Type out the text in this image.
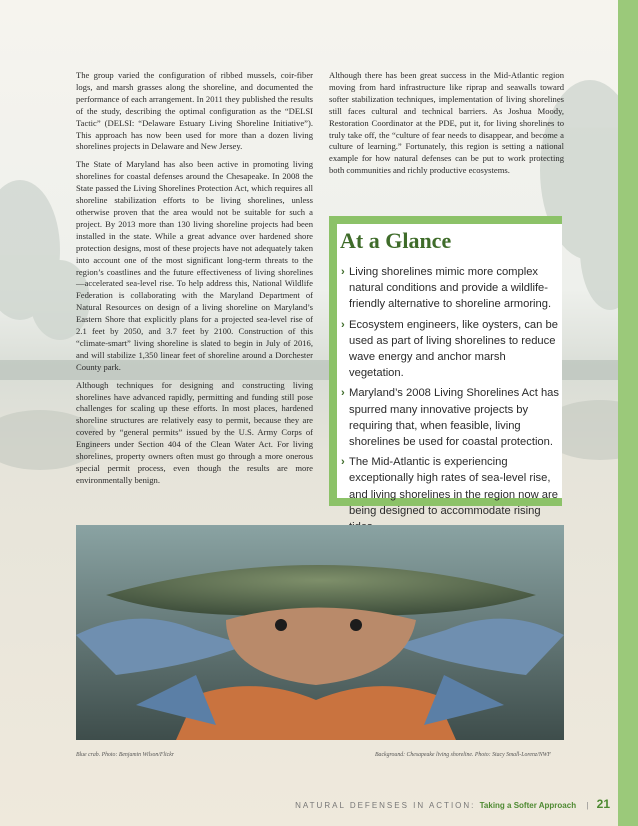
The group varied the configuration of ribbed mussels, coir-fiber logs, and marsh grasses along the shoreline, and documented the performance of each arrangement. In 2011 they published the results of the study, describing the optimal configuration as the “DELSI Tactic” (DELSI: “Delaware Estuary Living Shoreline Initiative”). This approach has now been used for more than a dozen living shorelines projects in Delaware and New Jersey.

The State of Maryland has also been active in promoting living shorelines for coastal defenses around the Chesapeake. In 2008 the State passed the Living Shorelines Protection Act, which requires all shoreline stabilization efforts to be living shorelines, unless otherwise proven that the area would not be suitable for such a project. By 2013 more than 130 living shoreline projects had been installed in the state. While a great advance over hardened shore protection designs, most of these projects have not adequately taken into account one of the most significant long-term threats to the region’s coastlines and the future effectiveness of living shorelines—accelerated sea-level rise. To help address this, National Wildlife Federation is collaborating with the Maryland Department of Natural Resources on design of a living shoreline on Maryland’s Eastern Shore that explicitly plans for a projected sea-level rise of 2.1 feet by 2050, and 3.7 feet by 2100. Construction of this “climate-smart” living shoreline is slated to begin in July of 2016, and will stabilize 1,350 linear feet of shoreline around a Dorchester County park.

Although techniques for designing and constructing living shorelines have advanced rapidly, permitting and funding still pose challenges for scaling up these efforts. In most places, hardened shoreline structures are relatively easy to permit, because they are covered by “general permits” issued by the U.S. Army Corps of Engineers under Section 404 of the Clean Water Act. For living shorelines, property owners often must go through a more onerous special permit process, even though the results are more environmentally benign.

Although there has been great success in the Mid-Atlantic region moving from hard infrastructure like riprap and seawalls toward softer stabilization techniques, implementation of living shorelines still faces cultural and technical barriers. As Joshua Moody, Restoration Coordinator at the PDE, put it, for living shorelines to truly take off, the “culture of fear needs to disappear, and become a culture of learning.” Fortunately, this region is setting a national example for how natural defenses can be put to work protecting both communities and richly productive ecosystems.

At a Glance
› Living shorelines mimic more complex natural conditions and provide a wildlife-friendly alternative to shoreline armoring.
› Ecosystem engineers, like oysters, can be used as part of living shorelines to reduce wave energy and anchor marsh vegetation.
› Maryland’s 2008 Living Shorelines Act has spurred many innovative projects by requiring that, when feasible, living shorelines be used for coastal protection.
› The Mid-Atlantic is experiencing exceptionally high rates of sea-level rise, and living shorelines in the region now are being designed to accommodate rising
Blue crab. Photo: Benjamin Wilson/Flickr	Background: Chesapeake living shoreline. Photo: Stacy Small-Lorenz/NWF
NATURAL DEFENSES IN ACTION: Taking a Softer Approach | 21
